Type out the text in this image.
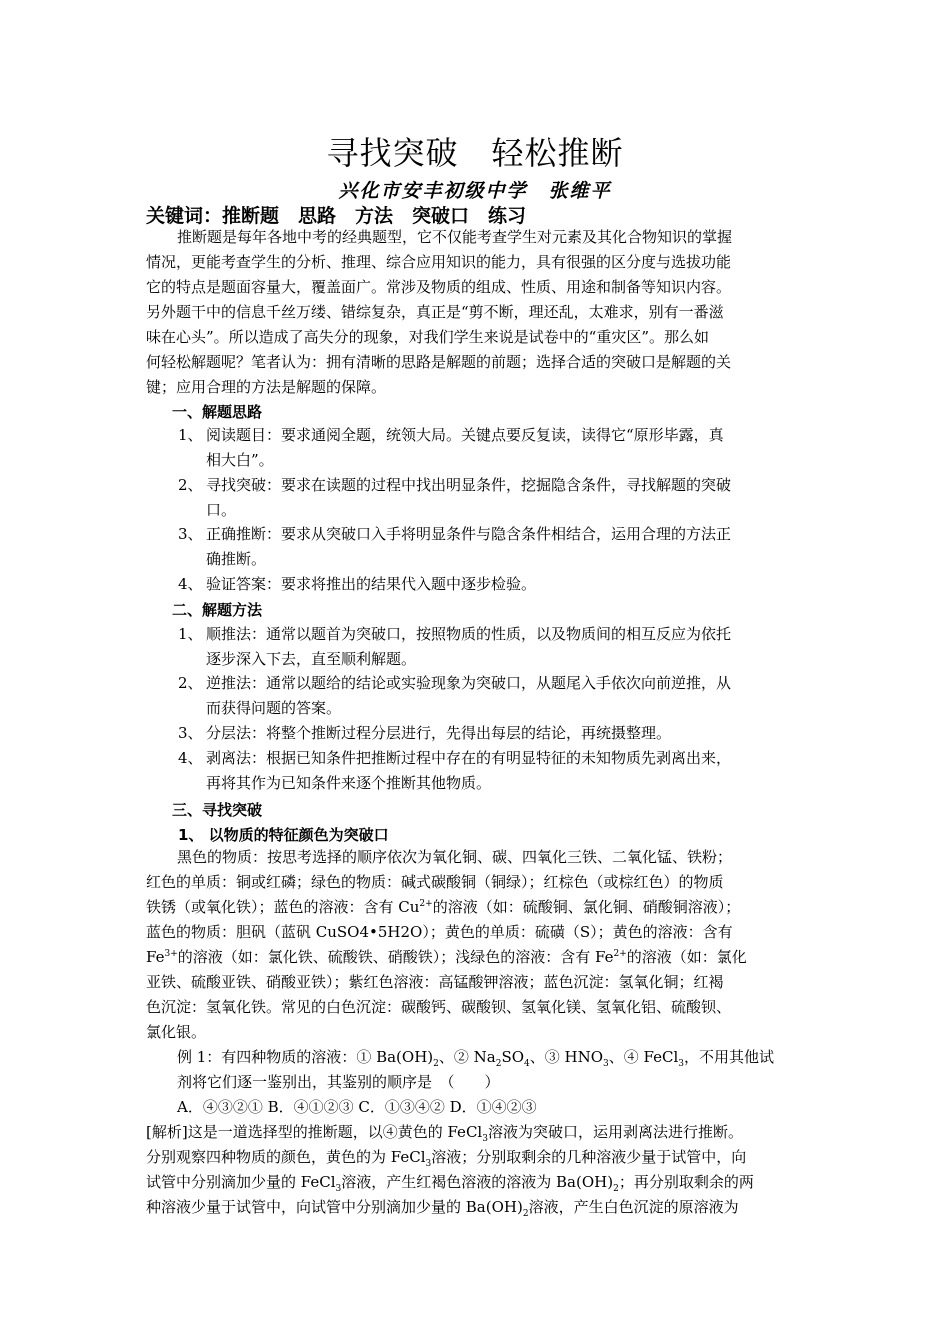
寻找突破　轻松推断
兴化市安丰初级中学　张维平
关键词：推断题　思路　方法　突破口　练习
推断题是每年各地中考的经典题型，它不仅能考查学生对元素及其化合物知识的掌握
情况，更能考查学生的分析、推理、综合应用知识的能力，具有很强的区分度与选拔功能
它的特点是题面容量大，覆盖面广。常涉及物质的组成、性质、用途和制备等知识内容。
另外题干中的信息千丝万缕、错综复杂，真正是“剪不断，理还乱，太难求，别有一番滋
味在心头”。所以造成了高失分的现象，对我们学生来说是试卷中的“重灾区”。那么如
何轻松解题呢？笔者认为：拥有清晰的思路是解题的前题；选择合适的突破口是解题的关
键；应用合理的方法是解题的保障。
一、解题思路
1、 阅读题目：要求通阅全题，统领大局。关键点要反复读，读得它“原形毕露，真
相大白”。
2、 寻找突破：要求在读题的过程中找出明显条件，挖掘隐含条件，寻找解题的突破
口。
3、 正确推断：要求从突破口入手将明显条件与隐含条件相结合，运用合理的方法正
确推断。
4、 验证答案：要求将推出的结果代入题中逐步检验。
二、解题方法
1、 顺推法：通常以题首为突破口，按照物质的性质，以及物质间的相互反应为依托
逐步深入下去，直至顺利解题。
2、 逆推法：通常以题给的结论或实验现象为突破口，从题尾入手依次向前逆推，从
而获得问题的答案。
3、 分层法：将整个推断过程分层进行，先得出每层的结论，再统摄整理。
4、 剥离法：根据已知条件把推断过程中存在的有明显特征的未知物质先剥离出来，
再将其作为已知条件来逐个推断其他物质。
三、寻找突破
1、 以物质的特征颜色为突破口
黑色的物质：按思考选择的顺序依次为氧化铜、碳、四氧化三铁、二氧化锰、铁粉；
红色的单质：铜或红磷；绿色的物质：碱式碳酸铜（铜绿）；红棕色（或棕红色）的物质
铁锈（或氧化铁）；蓝色的溶液：含有 $Cu^{2+}$的溶液（如：硫酸铜、氯化铜、硝酸铜溶液）；
蓝色的物质：胆矾（蓝矾 CuSO4•5H2O）；黄色的单质：硫磺（S）；黄色的溶液：含有
$Fe^{3+}$的溶液（如：氯化铁、硫酸铁、硝酸铁）；浅绿色的溶液：含有 $Fe^{2+}$的溶液（如：氯化
亚铁、硫酸亚铁、硝酸亚铁）；紫红色溶液：高锰酸钾溶液；蓝色沉淀：氢氧化铜；红褐
色沉淀：氢氧化铁。常见的白色沉淀：碳酸钙、碳酸钡、氢氧化镁、氢氧化铝、硫酸钡、
氯化银。
例 1：有四种物质的溶液：① $Ba(OH)_2$、② $Na_2SO_4$、③ $HNO_3$、④ FeCl$_3$，不用其他试
剂将它们逐一鉴别出，其鉴别的顺序是　（　　）
A．④③②① B．④①②③ C．①③④② D．①④②③
[解析]这是一道选择型的推断题，以④黄色的 FeCl$_3$溶液为突破口，运用剥离法进行推断。
分别观察四种物质的颜色，黄色的为 FeCl$_3$溶液；分别取剩余的几种溶液少量于试管中，向
试管中分别滴加少量的 FeCl$_3$溶液，产生红褐色溶液的溶液为 $Ba(OH)_2$；再分别取剩余的两
种溶液少量于试管中，向试管中分别滴加少量的 $Ba(OH)_2$溶液，产生白色沉淀的原溶液为
